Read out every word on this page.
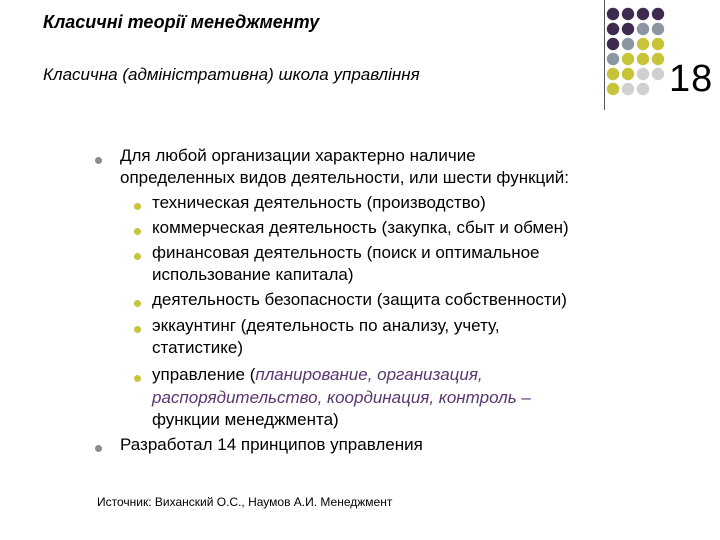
Класичні теорії менеджменту
Класична (адміністративна) школа управління	18
Для любой организации характерно наличие
определенных видов деятельности, или шести функций:
техническая деятельность (производство)
коммерческая деятельность (закупка, сбыт и обмен)
финансовая деятельность (поиск и оптимальное
использование капитала)
деятельность безопасности (защита собственности)
эккаунтинг (деятельность по анализу, учету,
статистике)
управление (планирование, организация,
распорядительство, координация, контроль –
функции менеджмента)
Разработал 14 принципов управления
Источник: Виханский О.С., Наумов А.И. Менеджмент
